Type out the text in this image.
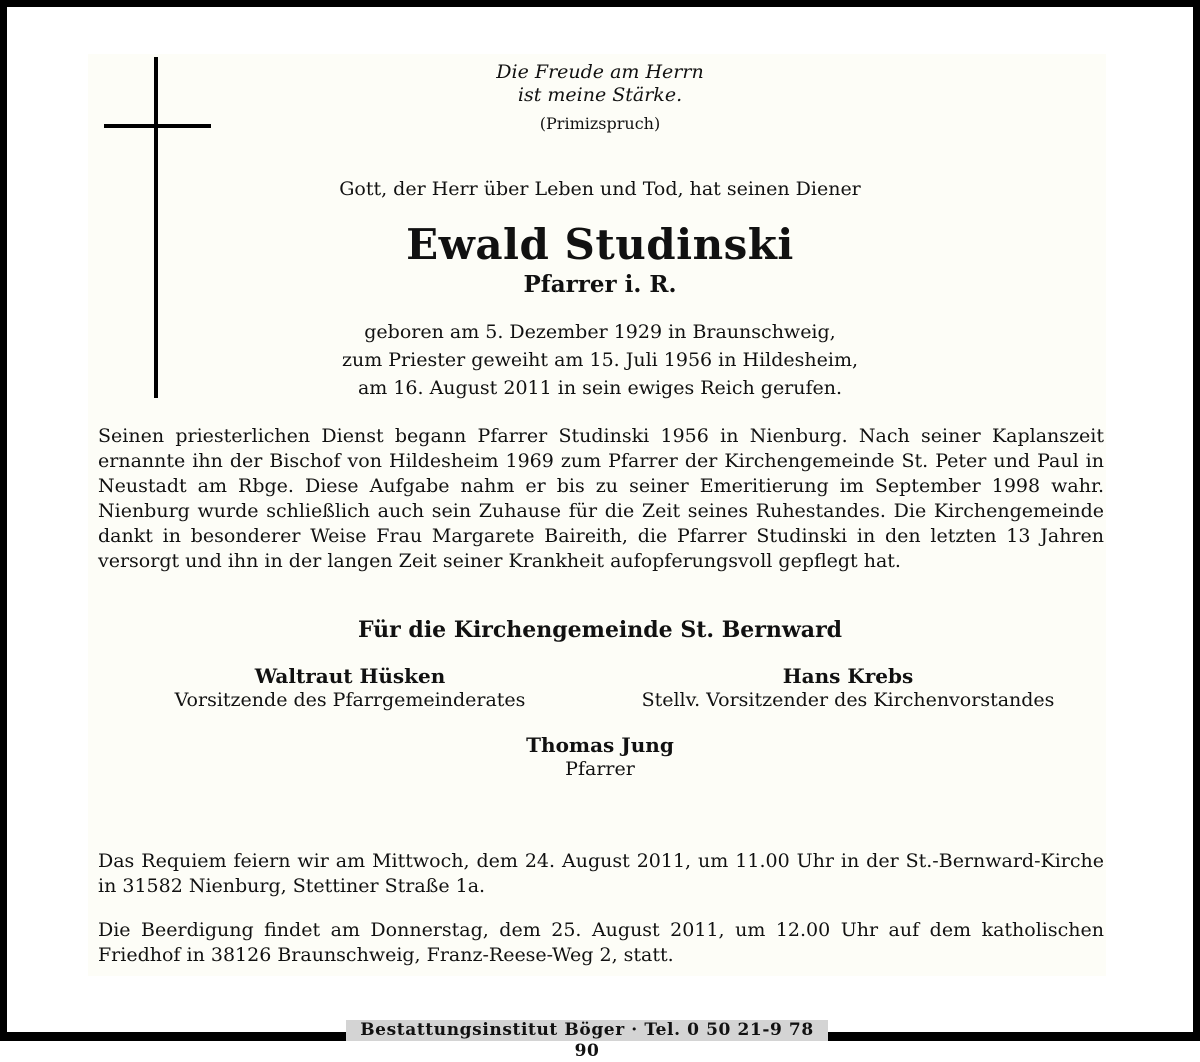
Die Freude am Herrn
ist meine Stärke.
(Primizspruch)
Gott, der Herr über Leben und Tod, hat seinen Diener
Ewald Studinski
Pfarrer i. R.
geboren am 5. Dezember 1929 in Braunschweig,
zum Priester geweiht am 15. Juli 1956 in Hildesheim,
am 16. August 2011 in sein ewiges Reich gerufen.
Seinen priesterlichen Dienst begann Pfarrer Studinski 1956 in Nienburg. Nach seiner Kaplanszeit ernannte ihn der Bischof von Hildesheim 1969 zum Pfarrer der Kirchengemeinde St. Peter und Paul in Neustadt am Rbge. Diese Aufgabe nahm er bis zu seiner Emeritierung im September 1998 wahr. Nienburg wurde schließlich auch sein Zuhause für die Zeit seines Ruhestandes. Die Kirchengemeinde dankt in besonderer Weise Frau Margarete Baireith, die Pfarrer Studinski in den letzten 13 Jahren versorgt und ihn in der langen Zeit seiner Krankheit aufopferungsvoll gepflegt hat.
Für die Kirchengemeinde St. Bernward
Waltraut Hüsken
Vorsitzende des Pfarrgemeinderates
Hans Krebs
Stellv. Vorsitzender des Kirchenvorstandes
Thomas Jung
Pfarrer
Das Requiem feiern wir am Mittwoch, dem 24. August 2011, um 11.00 Uhr in der St.-Bernward-Kirche in 31582 Nienburg, Stettiner Straße 1a.
Die Beerdigung findet am Donnerstag, dem 25. August 2011, um 12.00 Uhr auf dem katholischen Friedhof in 38126 Braunschweig, Franz-Reese-Weg 2, statt.
Bestattungsinstitut Böger · Tel. 0 50 21-9 78 90
